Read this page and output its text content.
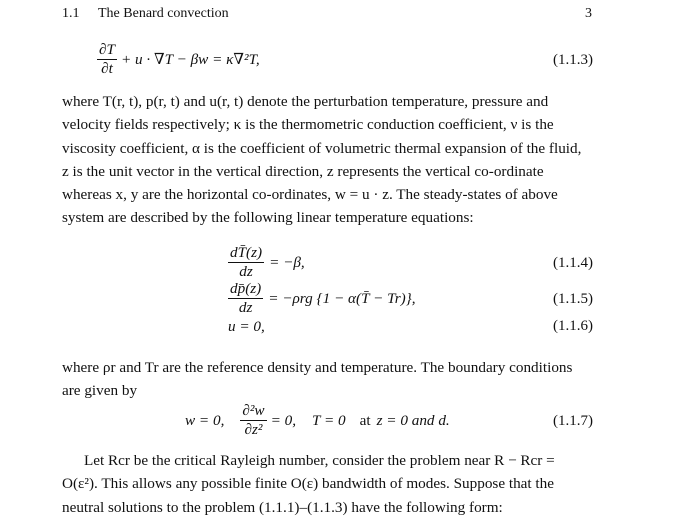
1.1 The Benard convection	3
$\frac{\partial T}{\partial t} + u \cdot \nabla T - \beta w = \kappa\nabla^2T$,	(1.1.3)
where T(r, t), p(r, t) and u(r, t) denote the perturbation temperature, pressure and
velocity fields respectively; κ is the thermometric conduction coefficient, ν is the
viscosity coefficient, α is the coefficient of volumetric thermal expansion of the fluid,
z is the unit vector in the vertical direction, z represents the vertical co-ordinate
whereas x, y are the horizontal co-ordinates, w = u · z. The steady-states of above
system are described by the following linear temperature equations:
$\frac{dT̄(z)}{dz} = -\beta$,	(1.1.4)
$\frac{dp̄(z)}{dz} = -\rho rg$ {1 − α(T̄ − Tr)},	(1.1.5)
u = 0,	(1.1.6)
where ρr and Tr are the reference density and temperature. The boundary conditions
are given by
w = 0, $\frac{\text{∂²w}}{\text{∂z²}} = 0$, T = 0 at z = 0 and d.	(1.1.7)
Let Rcr be the critical Rayleigh number, consider the problem near R − Rcr =
O(ε²). This allows any possible finite O(ε) bandwidth of modes. Suppose that the
neutral solutions to the problem (1.1.1)–(1.1.3) have the following form:
